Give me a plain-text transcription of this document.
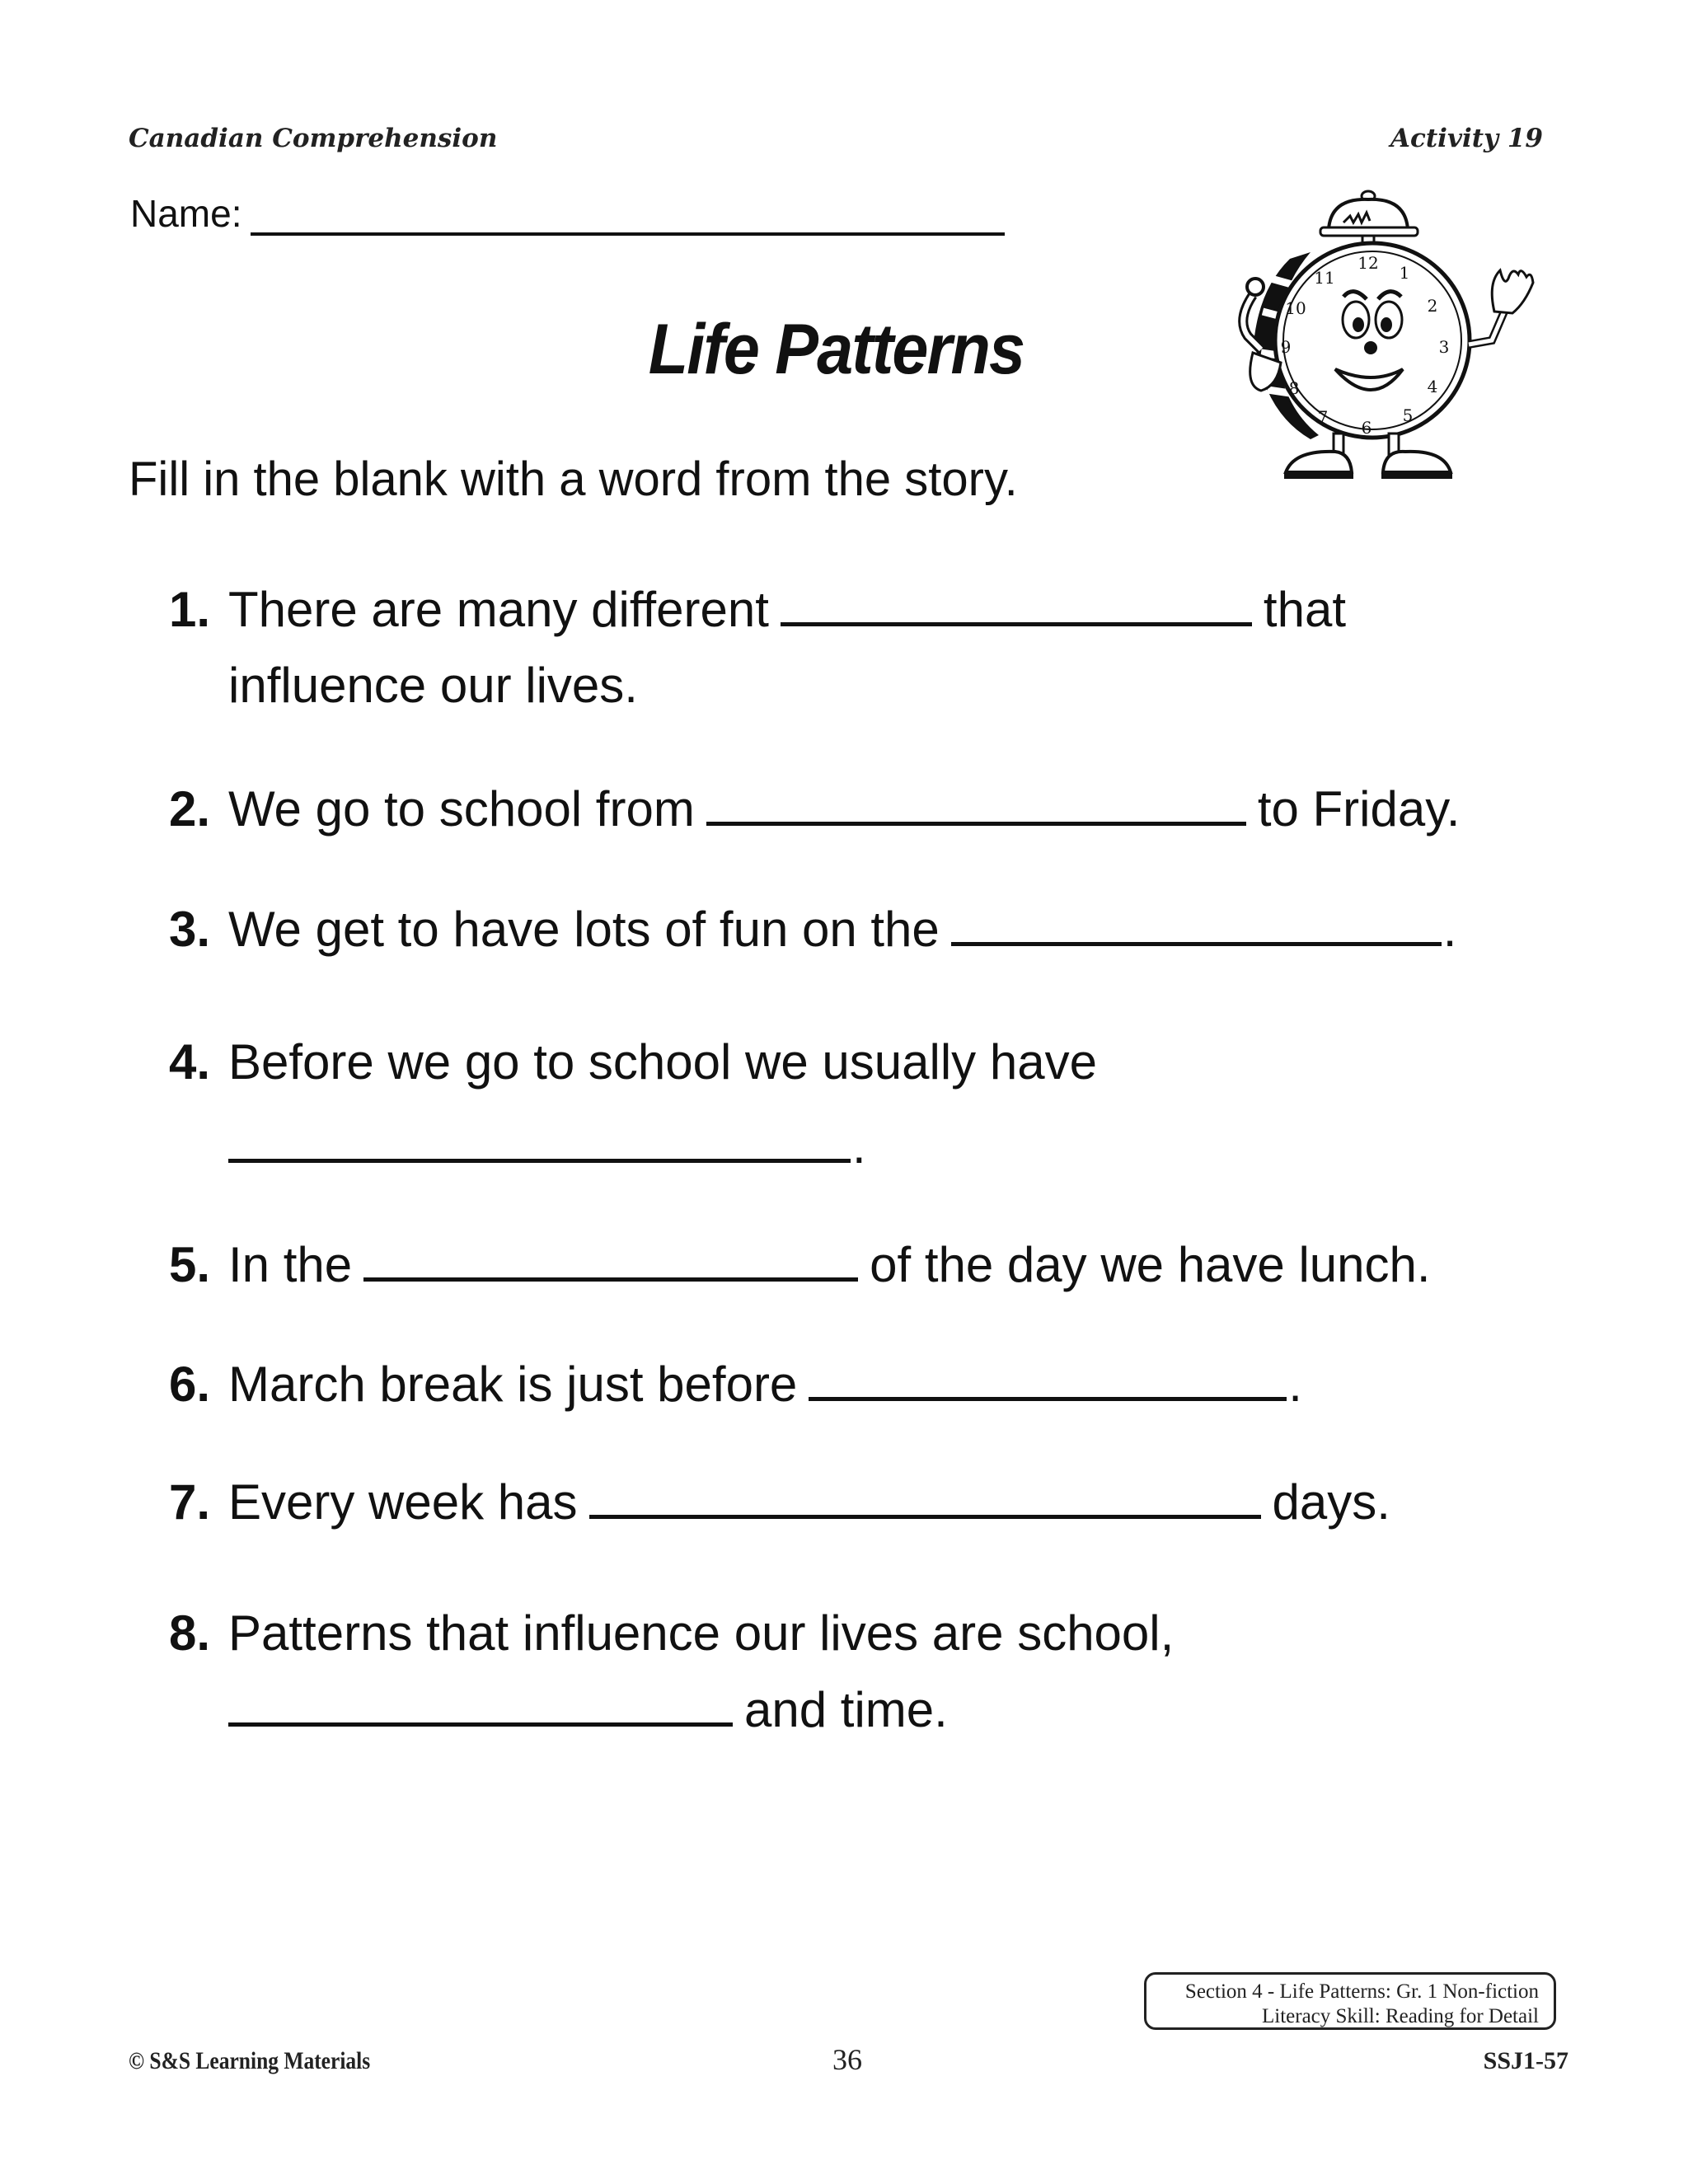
Canadian Comprehension	Activity 19
Name :
Life Patterns
12 1
2
3
4
5
6
7
8
9
10
11
Fill in the blank with a word from the story.
1. There are many different	that
influence our lives.
2. We go to school from	to Friday.
3. We get to have lots of fun on the	.
4. Before we go to school we usually have
.
5. In the	of the day we have lunch.
6. March break is just before	.
7. Every week has	days.
8. Patterns that influence our lives are school,
and time.
Section 4 - Life Patterns: Gr. 1 Non-fiction
Literacy Skill: Reading for Detail
© S&S Learning Materials	36	SSJ1-57
